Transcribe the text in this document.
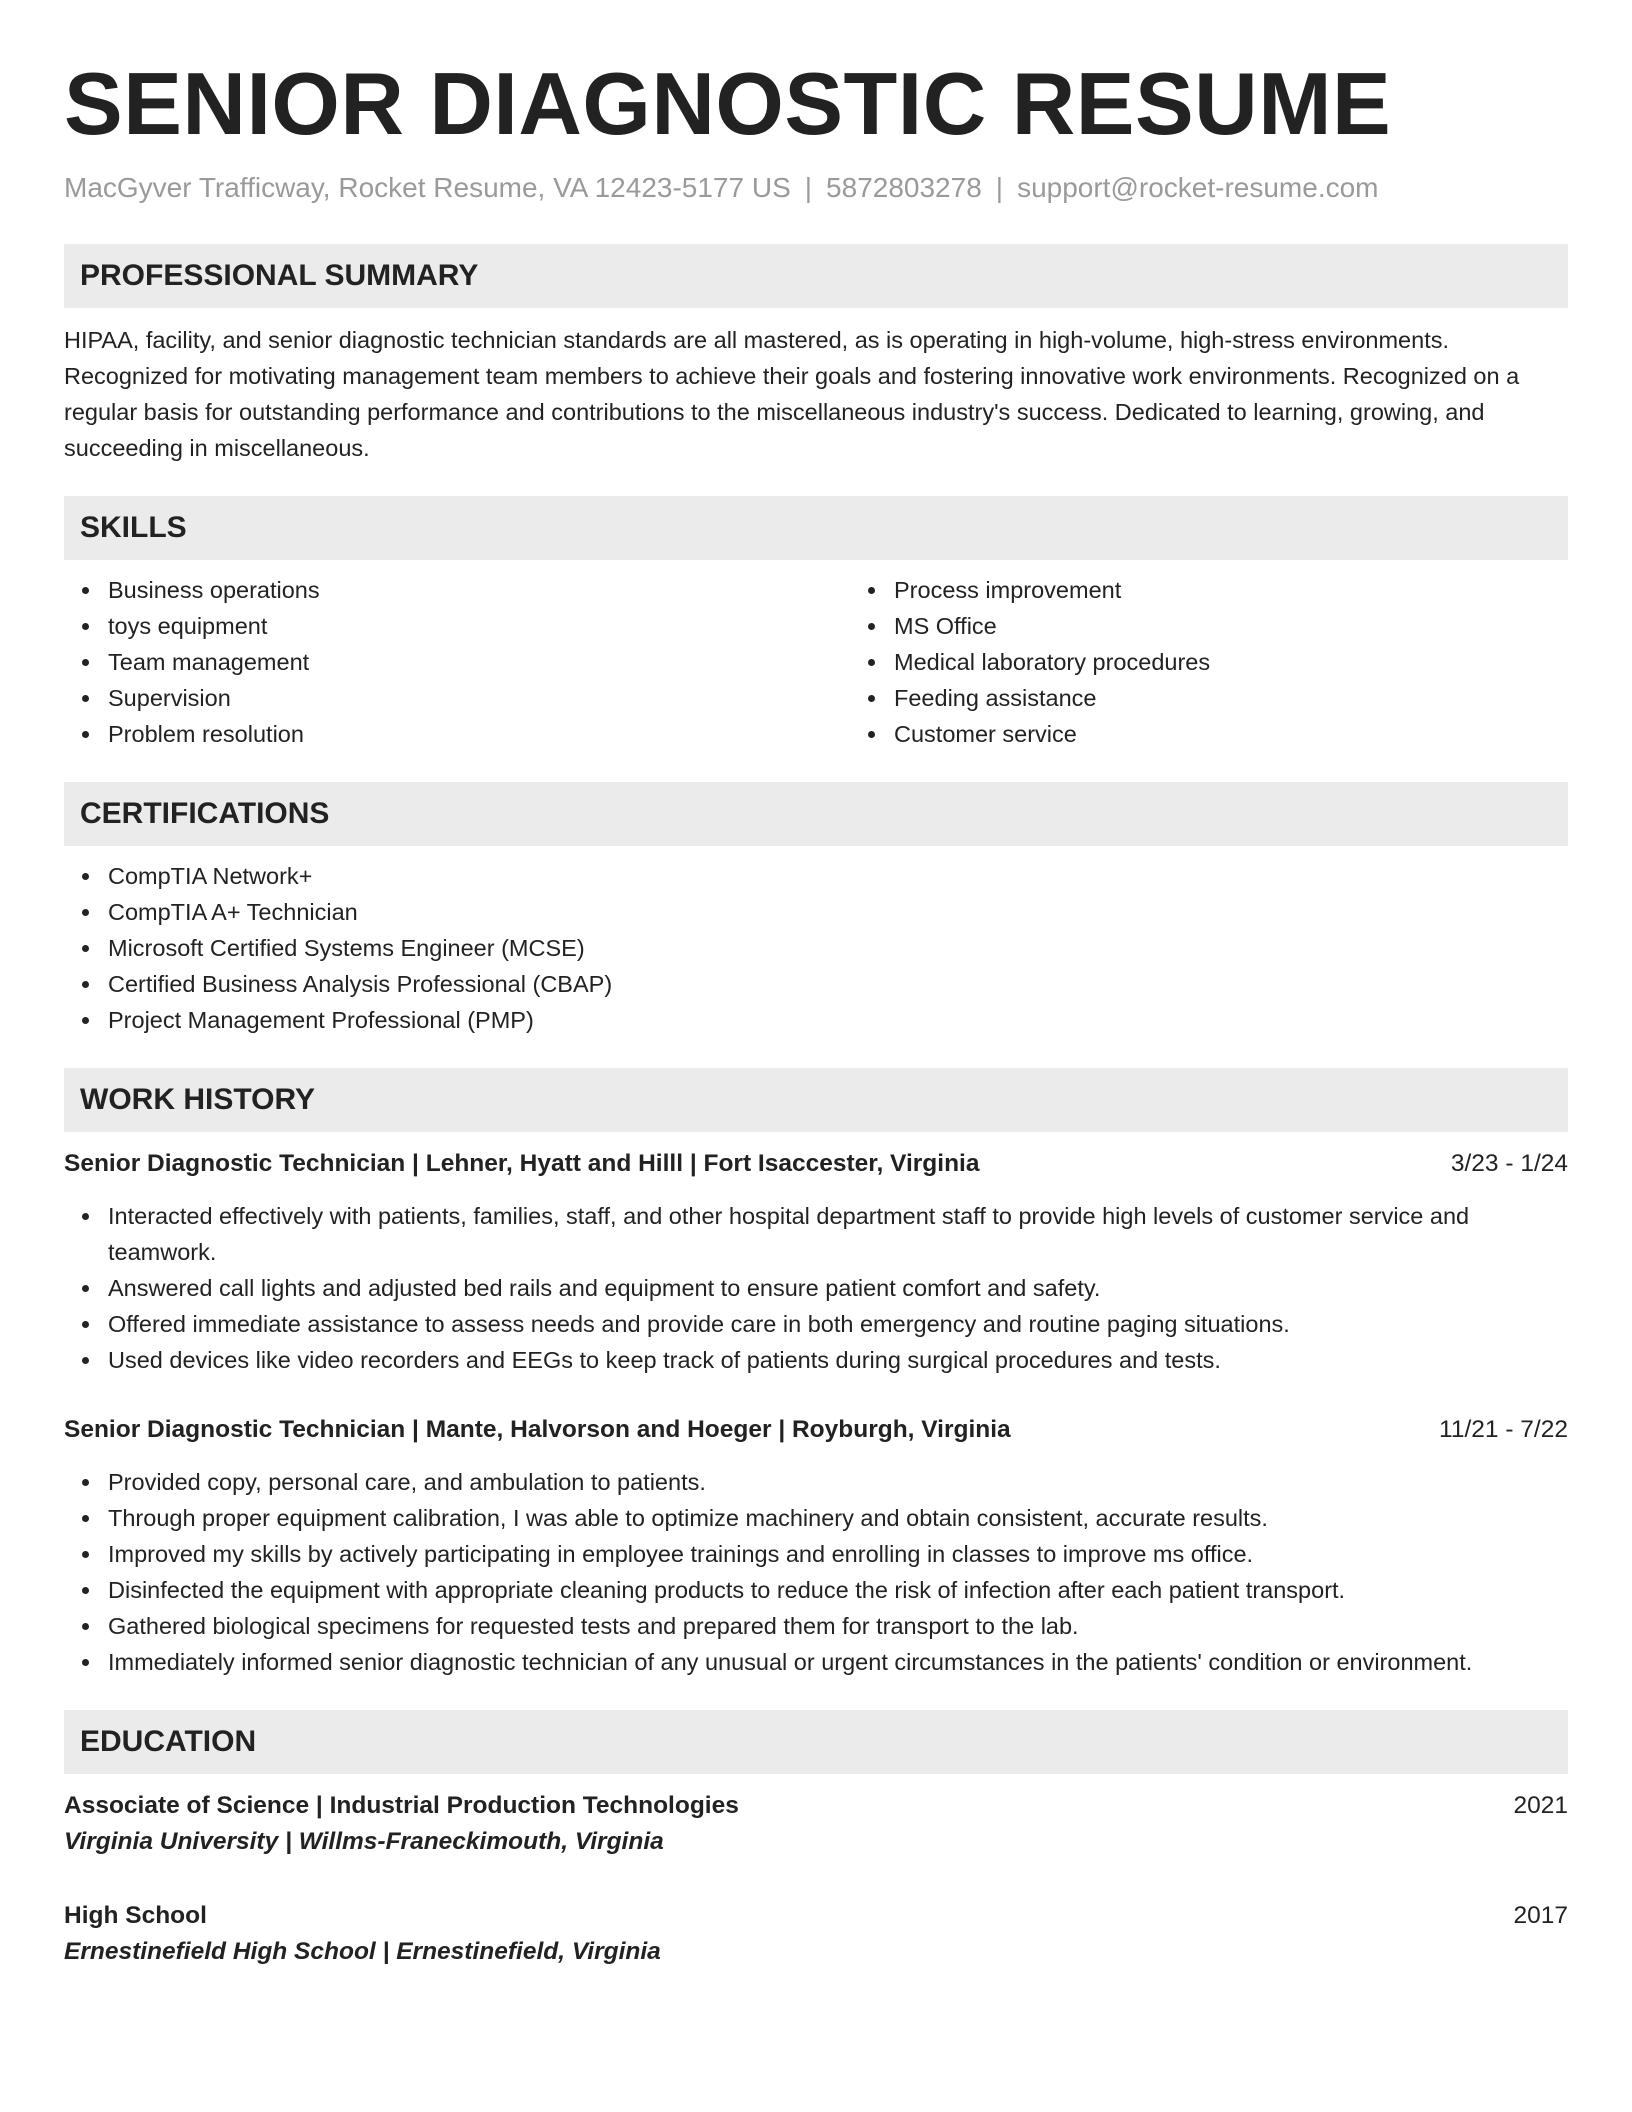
SENIOR DIAGNOSTIC RESUME
MacGyver Trafficway, Rocket Resume, VA 12423-5177 US | 5872803278 | support@rocket-resume.com
PROFESSIONAL SUMMARY

HIPAA, facility, and senior diagnostic technician standards are all mastered, as is operating in high-volume, high-stress environments. Recognized for motivating management team members to achieve their goals and fostering innovative work environments. Recognized on a regular basis for outstanding performance and contributions to the miscellaneous industry's success. Dedicated to learning, growing, and succeeding in miscellaneous.

SKILLS
Business operations
toys equipment
Team management
Supervision
Problem resolution
Process improvement
MS Office
Medical laboratory procedures
Feeding assistance
Customer service
CERTIFICATIONS
CompTIA Network+
CompTIA A+ Technician
Microsoft Certified Systems Engineer (MCSE)
Certified Business Analysis Professional (CBAP)
Project Management Professional (PMP)
WORK HISTORY
Senior Diagnostic Technician | Lehner, Hyatt and Hilll | Fort Isaccester, Virginia	3/23 - 1/24
Interacted effectively with patients, families, staff, and other hospital department staff to provide high levels of customer service and teamwork.
Answered call lights and adjusted bed rails and equipment to ensure patient comfort and safety.
Offered immediate assistance to assess needs and provide care in both emergency and routine paging situations.
Used devices like video recorders and EEGs to keep track of patients during surgical procedures and tests.
Senior Diagnostic Technician | Mante, Halvorson and Hoeger | Royburgh, Virginia	11/21 - 7/22
Provided copy, personal care, and ambulation to patients.
Through proper equipment calibration, I was able to optimize machinery and obtain consistent, accurate results.
Improved my skills by actively participating in employee trainings and enrolling in classes to improve ms office.
Disinfected the equipment with appropriate cleaning products to reduce the risk of infection after each patient transport.
Gathered biological specimens for requested tests and prepared them for transport to the lab.
Immediately informed senior diagnostic technician of any unusual or urgent circumstances in the patients' condition or environment.
EDUCATION
Associate of Science | Industrial Production Technologies	2021
Virginia University | Willms-Franeckimouth, Virginia
High School	2017
Ernestinefield High School | Ernestinefield, Virginia
